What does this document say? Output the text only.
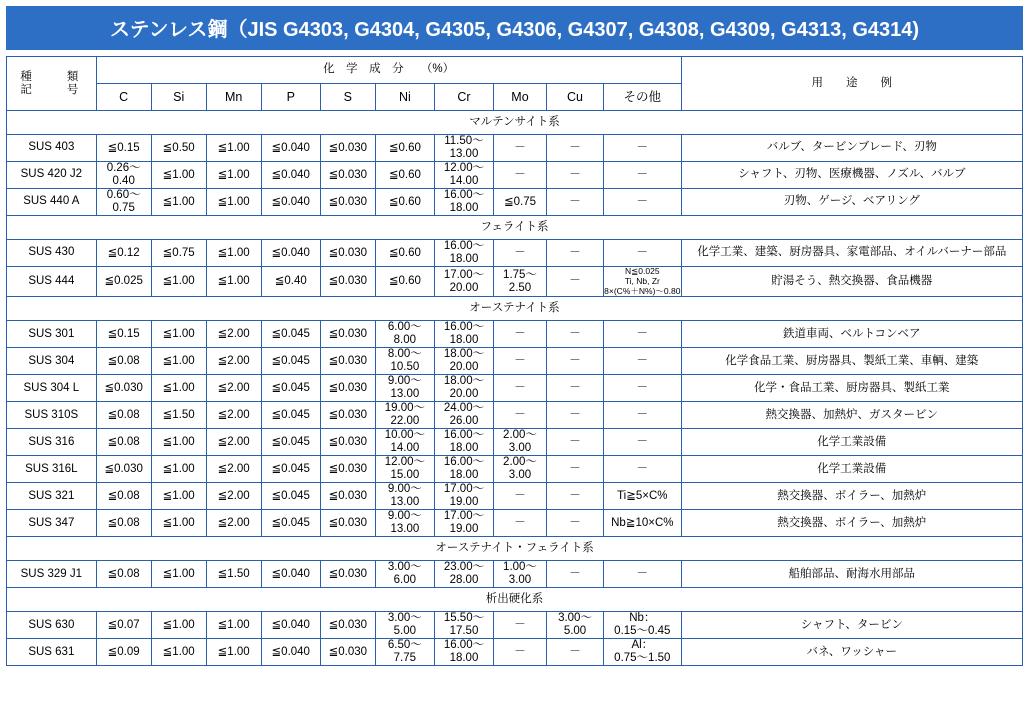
ステンレス鋼（JIS G4303, G4304, G4305, G4306, G4307, G4308, G4309, G4313, G4314)
種　　類
記　　号	化　学　成　分　　（%）										用　　途　　例
	C	Si	Mn	P	S	Ni	Cr	Mo	Cu	その他	
マルテンサイト系											
SUS 403	≦0.15	≦0.50	≦1.00	≦0.040	≦0.030	≦0.60	11.50～
13.00	－	－	－	バルブ、タービンブレード、刃物
SUS 420 J2	0.26～
0.40	≦1.00	≦1.00	≦0.040	≦0.030	≦0.60	12.00～
14.00	－	－	－	シャフト、刃物、医療機器、ノズル、バルブ
SUS 440 A	0.60～
0.75	≦1.00	≦1.00	≦0.040	≦0.030	≦0.60	16.00～
18.00	≦0.75	－	－	刃物、ゲージ、ベアリング
フェライト系											
SUS 430	≦0.12	≦0.75	≦1.00	≦0.040	≦0.030	≦0.60	16.00～
18.00	－	－	－	化学工業、建築、厨房器具、家電部品、オイルバーナー部品
SUS 444	≦0.025	≦1.00	≦1.00	≦0.40	≦0.030	≦0.60	17.00～
20.00	1.75～
2.50	－	N≦0.025
Ti, Nb, Zr
8×(C%＋N%)～0.80	貯湯そう、熱交換器、食品機器
オーステナイト系											
SUS 301	≦0.15	≦1.00	≦2.00	≦0.045	≦0.030	6.00～
8.00	16.00～
18.00	－	－	－	鉄道車両、ベルトコンベア
SUS 304	≦0.08	≦1.00	≦2.00	≦0.045	≦0.030	8.00～
10.50	18.00～
20.00	－	－	－	化学食品工業、厨房器具、製紙工業、車輌、建築
SUS 304 L	≦0.030	≦1.00	≦2.00	≦0.045	≦0.030	9.00～
13.00	18.00～
20.00	－	－	－	化学・食品工業、厨房器具、製紙工業
SUS 310S	≦0.08	≦1.50	≦2.00	≦0.045	≦0.030	19.00～
22.00	24.00～
26.00	－	－	－	熱交換器、加熱炉、ガスタービン
SUS 316	≦0.08	≦1.00	≦2.00	≦0.045	≦0.030	10.00～
14.00	16.00～
18.00	2.00～
3.00	－	－	化学工業設備
SUS 316L	≦0.030	≦1.00	≦2.00	≦0.045	≦0.030	12.00～
15.00	16.00～
18.00	2.00～
3.00	－	－	化学工業設備
SUS 321	≦0.08	≦1.00	≦2.00	≦0.045	≦0.030	9.00～
13.00	17.00～
19.00	－	－	Ti≧5×C%	熱交換器、ボイラー、加熱炉
SUS 347	≦0.08	≦1.00	≦2.00	≦0.045	≦0.030	9.00～
13.00	17.00～
19.00	－	－	Nb≧10×C%	熱交換器、ボイラー、加熱炉
オーステナイト・フェライト系											
SUS 329 J1	≦0.08	≦1.00	≦1.50	≦0.040	≦0.030	3.00～
6.00	23.00～
28.00	1.00～
3.00	－	－	船舶部品、耐海水用部品
析出硬化系											
SUS 630	≦0.07	≦1.00	≦1.00	≦0.040	≦0.030	3.00～
5.00	15.50～
17.50	－	3.00～
5.00	Nb：
0.15～0.45	シャフト、タービン
SUS 631	≦0.09	≦1.00	≦1.00	≦0.040	≦0.030	6.50～
7.75	16.00～
18.00	－	－	Al：
0.75～1.50	バネ、ワッシャー
